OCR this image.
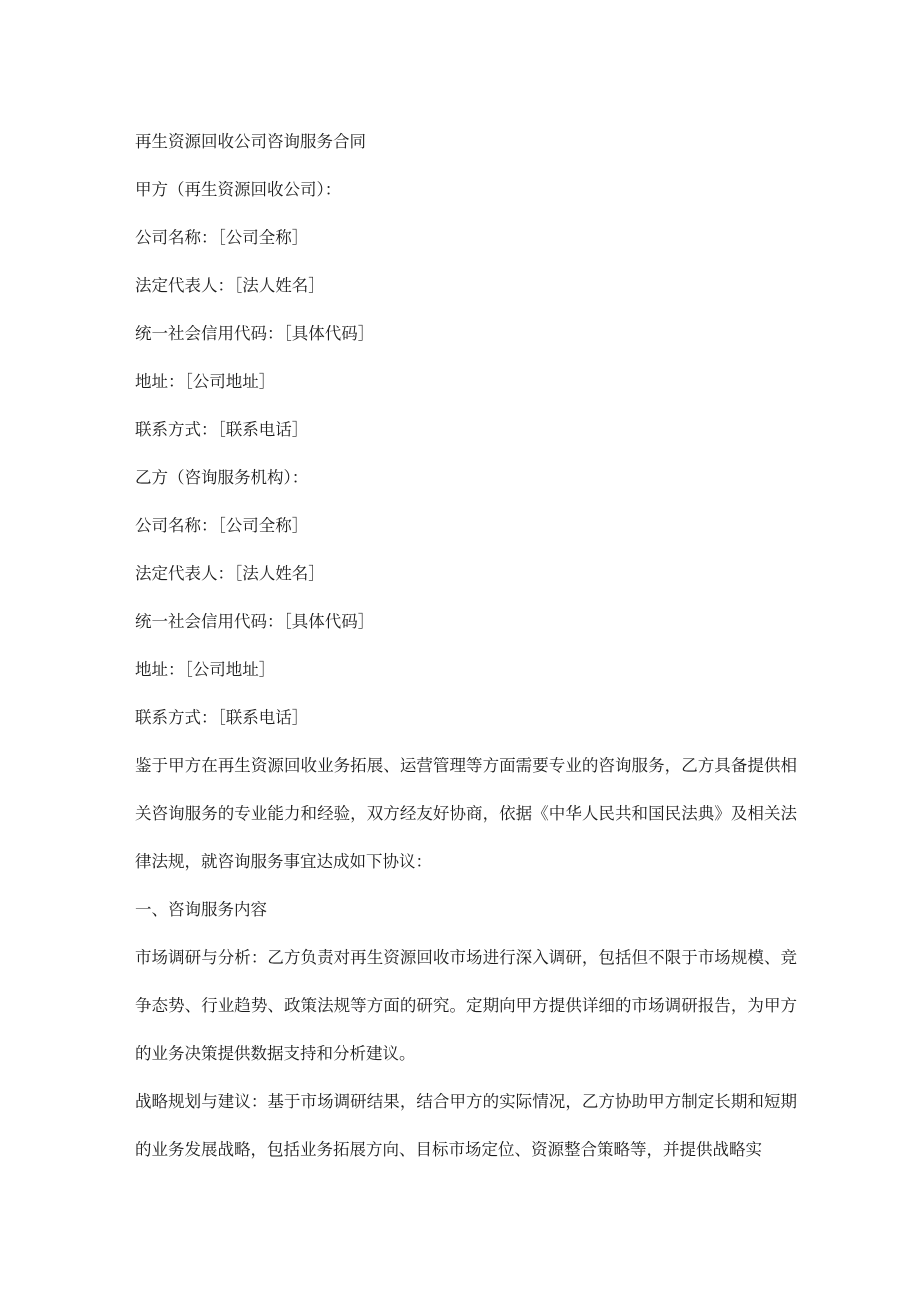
再生资源回收公司咨询服务合同
甲方（再生资源回收公司）：
公司名称：［公司全称］
法定代表人：［法人姓名］
统一社会信用代码：［具体代码］
地址：［公司地址］
联系方式：［联系电话］
乙方（咨询服务机构）：
公司名称：［公司全称］
法定代表人：［法人姓名］
统一社会信用代码：［具体代码］
地址：［公司地址］
联系方式：［联系电话］

鉴于甲方在再生资源回收业务拓展、运营管理等方面需要专业的咨询服务，乙方具备提供相关咨询服务的专业能力和经验，双方经友好协商，依据《中华人民共和国民法典》及相关法律法规，就咨询服务事宜达成如下协议：

一、咨询服务内容

市场调研与分析：乙方负责对再生资源回收市场进行深入调研，包括但不限于市场规模、竞争态势、行业趋势、政策法规等方面的研究。定期向甲方提供详细的市场调研报告，为甲方的业务决策提供数据支持和分析建议。

战略规划与建议：基于市场调研结果，结合甲方的实际情况，乙方协助甲方制定长期和短期的业务发展战略，包括业务拓展方向、目标市场定位、资源整合策略等，并提供战略实
